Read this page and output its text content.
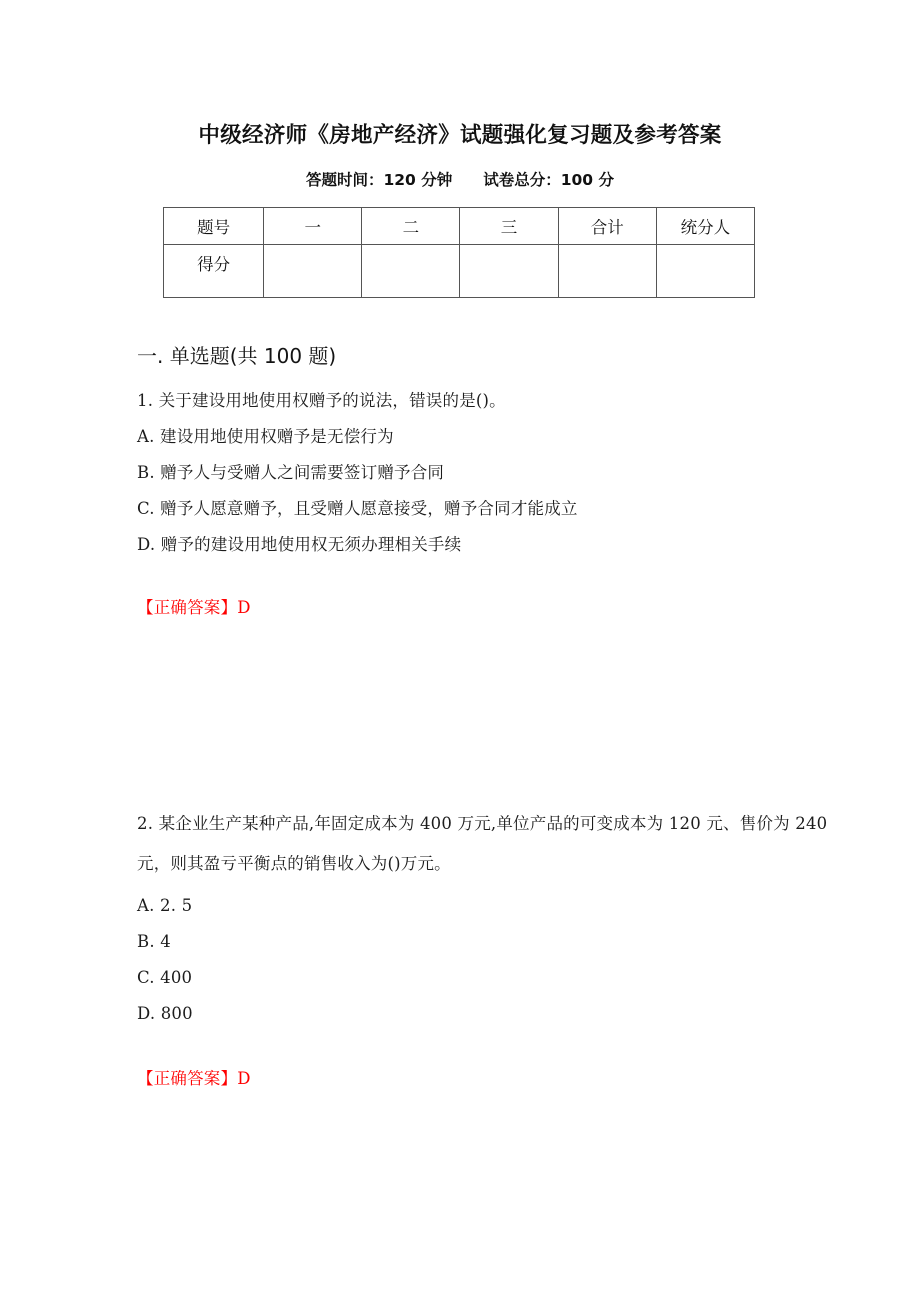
中级经济师《房地产经济》试题强化复习题及参考答案
答题时间：120 分钟　　试卷总分：100 分
题号	一	二	三	合计	统分人
得分					
一. 单选题(共 100 题)
1. 关于建设用地使用权赠予的说法，错误的是()。
A. 建设用地使用权赠予是无偿行为
B. 赠予人与受赠人之间需要签订赠予合同
C. 赠予人愿意赠予，且受赠人愿意接受，赠予合同才能成立
D. 赠予的建设用地使用权无须办理相关手续
【正确答案】D
2. 某企业生产某种产品,年固定成本为 400 万元,单位产品的可变成本为 120 元、售价为 240 元，则其盈亏平衡点的销售收入为()万元。
A. 2. 5
B. 4
C. 400
D. 800
【正确答案】D
